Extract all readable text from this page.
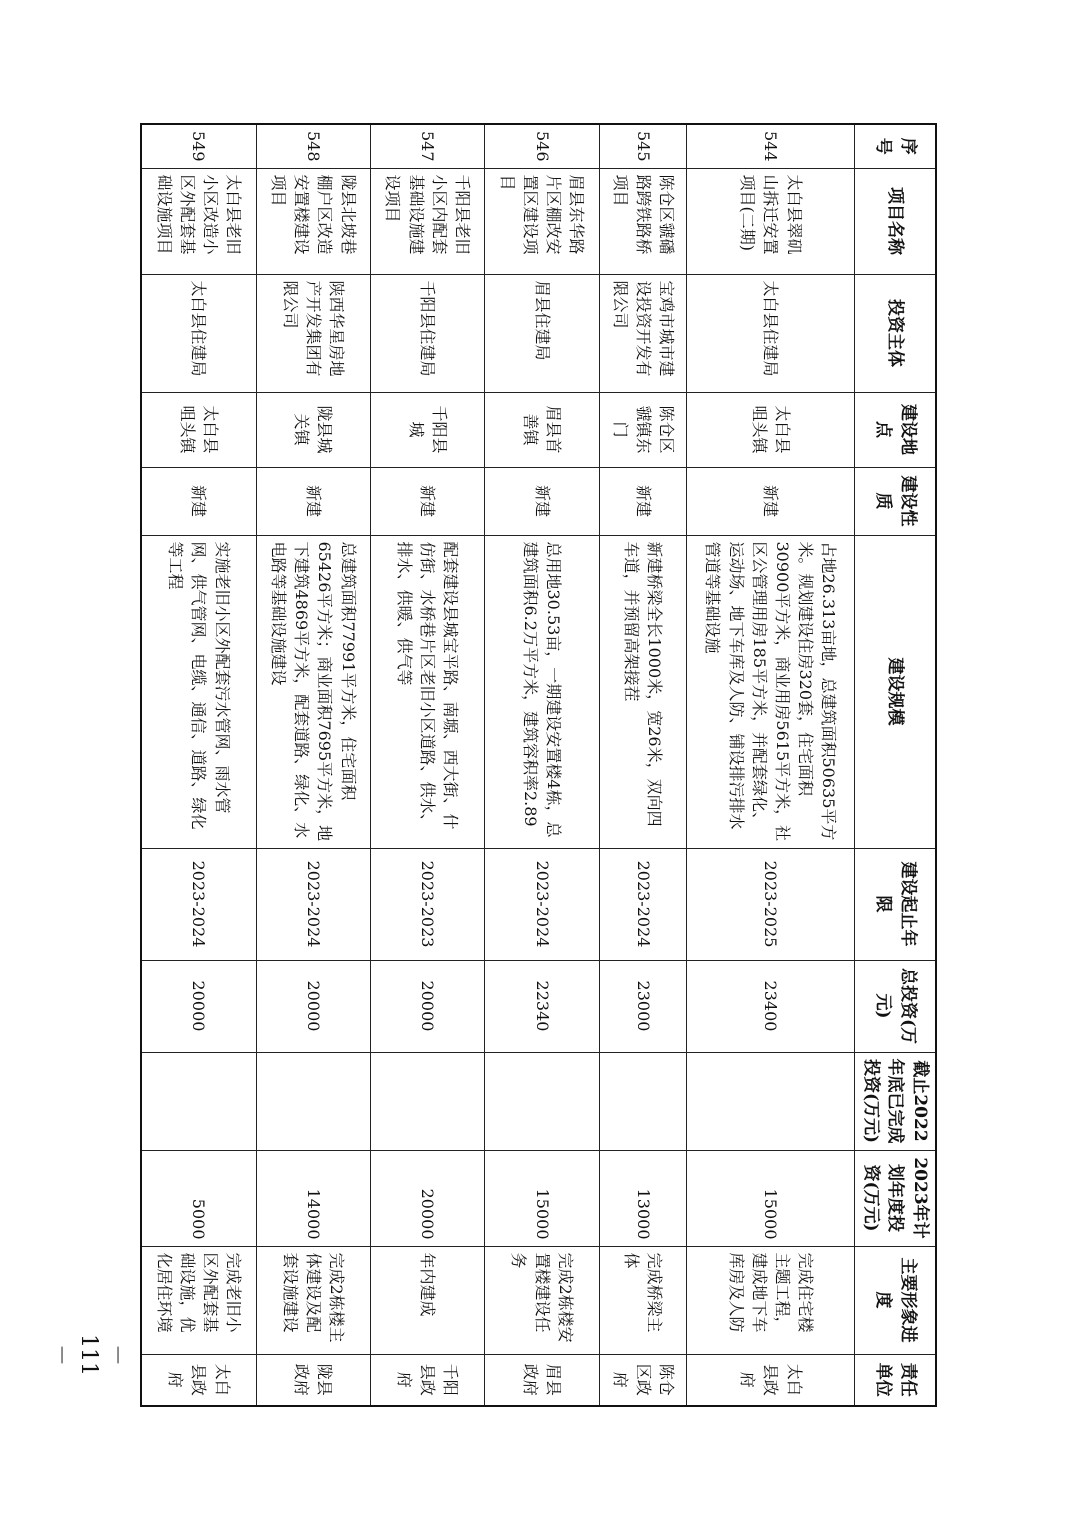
序号	项目名称	投资主体	建设地点	建设性质	建设规模	建设起止年限	总投资(万元)	截止2022年底已完成投资(万元)	2023年计划年度投资(万元)	主要形象进度	责任单位
544	太白县翠矶山拆迁安置项目(二期)	太白县住建局	太白县咀头镇	新建	占地26.313亩地，总建筑面积50635平方米。规划建设住房320套，住宅面积30900平方米，商业用房5615平方米，社区公管理用房185平方米，并配套绿化、运动场、地下车库及人防、铺设排污排水管道等基础设施	2023-2025	23400		15000	完成住宅楼主题工程，建成地下车库房及人防	太白县政府
545	陈仓区虢磻路跨铁路桥项目	宝鸡市城市建设投资开发有限公司	陈仓区虢镇东门	新建	新建桥梁全长1000米，宽26米，双向四车道，并预留高架接茬	2023-2024	23000		13000	完成桥梁主体	陈仓区政府
546	眉县东华路片区棚改安置区建设项目	眉县住建局	眉县首善镇	新建	总用地30.53亩，一期建设安置楼4栋，总建筑面积6.2万平方米，建筑容积率2.89	2023-2024	22340		15000	完成2栋楼安置楼建设任务	眉县政府
547	千阳县老旧小区内配套基础设施建设项目	千阳县住建局	千阳县城	新建	配套建设县城宝平路、南塬、西大街、什仿街、水桥巷片区老旧小区道路、供水、排水、供暖、供气等	2023-2023	20000		20000	年内建成	千阳县政府
548	陇县北坡巷棚户区改造安置楼建设项目	陕西华星房地产开发集团有限公司	陇县城关镇	新建	总建筑面积77991平方米，住宅面积65426平方米；商业面积7695平方米，地下建筑4869平方米，配套道路、绿化、水电路等基础设施建设	2023-2024	20000		14000	完成2栋楼主体建设及配套设施建设	陇县政府
549	太白县老旧小区改造小区外配套基础设施项目	太白县住建局	太白县咀头镇	新建	实施老旧小区外配套污水管网、雨水管网、供气管网、电缆、通信、道路、绿化等工程	2023-2024	20000		5000	完成老旧小区外配套基础设施，优化居住环境	太白县政府
－ 111 －
